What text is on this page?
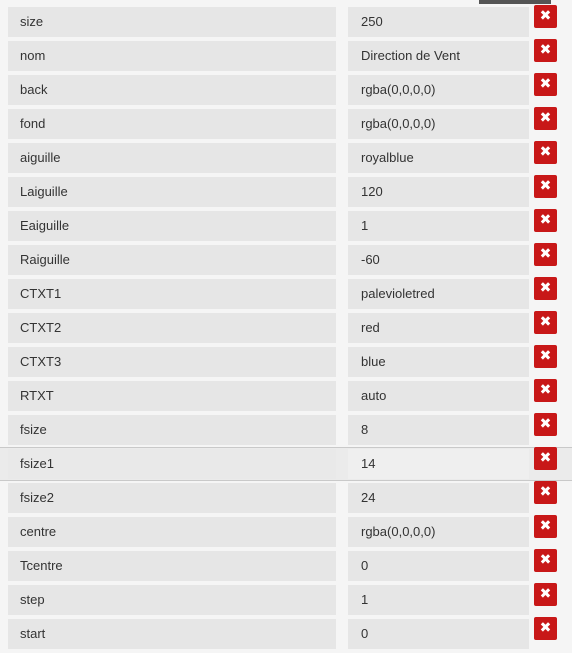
size	250	✖
nom	Direction de Vent	✖
back	rgba(0,0,0,0)	✖
fond	rgba(0,0,0,0)	✖
aiguille	royalblue	✖
Laiguille	120	✖
Eaiguille	1	✖
Raiguille	-60	✖
CTXT1	palevioletred	✖
CTXT2	red	✖
CTXT3	blue	✖
RTXT	auto	✖
fsize	8	✖
fsize1	14	✖
fsize2	24	✖
centre	rgba(0,0,0,0)	✖
Tcentre	0	✖
step	1	✖
start	0	✖
